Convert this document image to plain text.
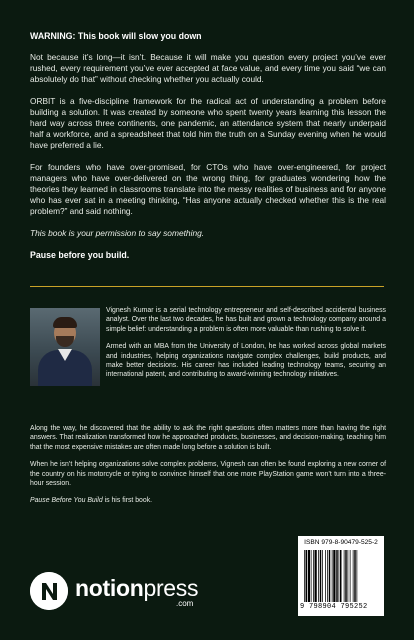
WARNING: This book will slow you down

Not because it’s long—it isn’t. Because it will make you question every project you’ve ever rushed, every requirement you’ve ever accepted at face value, and every time you said “we can absolutely do that” without checking whether you actually could.

ORBIT is a five-discipline framework for the radical act of understanding a problem before building a solution. It was created by someone who spent twenty years learning this lesson the hard way across three continents, one pandemic, an attendance system that nearly underpaid half a workforce, and a spreadsheet that told him the truth on a Sunday evening when he would have preferred a lie.

For founders who have over-promised, for CTOs who have over-engineered, for project managers who have over-delivered on the wrong thing, for graduates wondering how the theories they learned in classrooms translate into the messy realities of business and for anyone who has ever sat in a meeting thinking, “Has anyone actually checked whether this is the real problem?” and said nothing.

This book is your permission to say something.

Pause before you build.

Vignesh Kumar is a serial technology entrepreneur and self-described accidental business analyst. Over the last two decades, he has built and grown a technology company around a simple belief: understanding a problem is often more valuable than rushing to solve it.

Armed with an MBA from the University of London, he has worked across global markets and industries, helping organizations navigate complex challenges, build products, and make better decisions. His career has included leading technology teams, securing an international patent, and contributing to award-winning technology initiatives.

Along the way, he discovered that the ability to ask the right questions often matters more than having the right answers. That realization transformed how he approached products, businesses, and decision-making, teaching him that the most expensive mistakes are often made long before a solution is built.

When he isn’t helping organizations solve complex problems, Vignesh can often be found exploring a new corner of the country on his motorcycle or trying to convince himself that one more PlayStation game won’t turn into a three-hour session.

Pause Before You Build is his first book.

ISBN 979-8-90479-525-2
9 798904 795252
notionpress
.com
